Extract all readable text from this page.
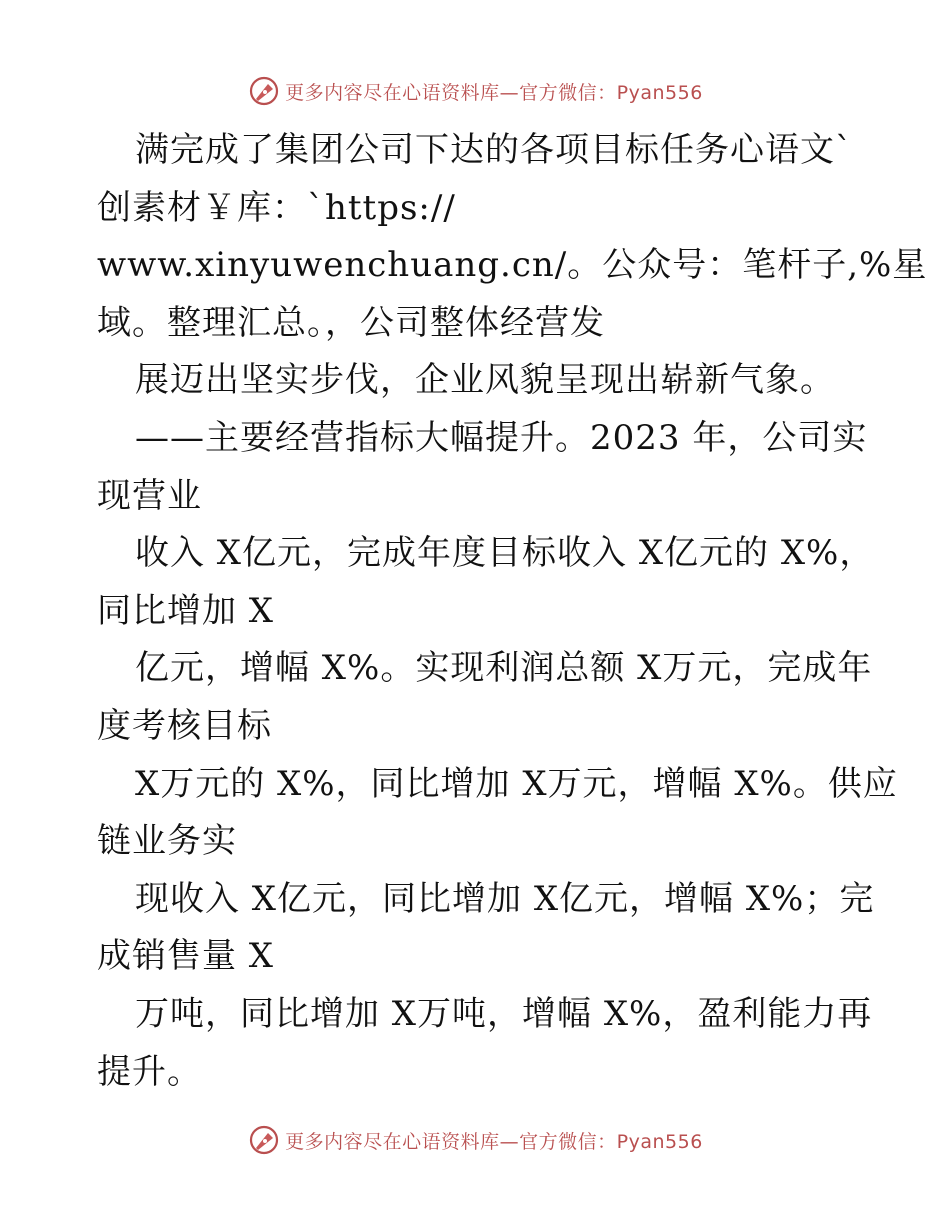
更多内容尽在心语资料库—官方微信：Pyan556
满完成了集团公司下达的各项目标任务心语文`
创素材￥库：`https://
www.xinyuwenchuang.cn/。公众号：笔杆子,%星
域。整理汇总。，公司整体经营发
展迈出坚实步伐，企业风貌呈现出崭新气象。
——主要经营指标大幅提升。2023 年，公司实
现营业
收入 X亿元，完成年度目标收入 X亿元的 X%，
同比增加 X
亿元，增幅 X%。实现利润总额 X万元，完成年
度考核目标
X万元的 X%，同比增加 X万元，增幅 X%。供应
链业务实
现收入 X亿元，同比增加 X亿元，增幅 X%；完
成销售量 X
万吨，同比增加 X万吨，增幅 X%，盈利能力再
提升。
更多内容尽在心语资料库—官方微信：Pyan556
